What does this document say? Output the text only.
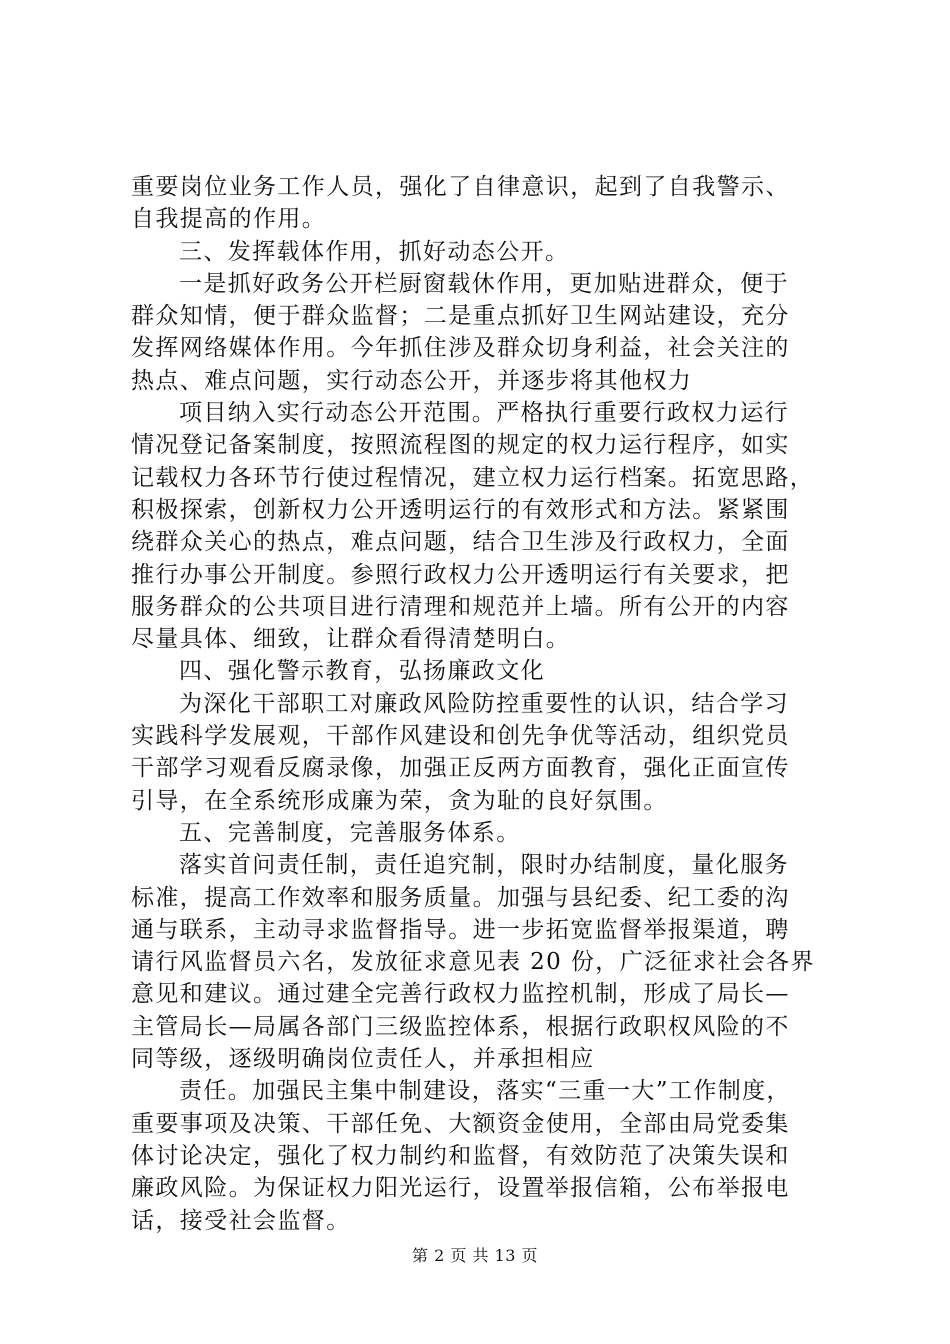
重要岗位业务工作人员，强化了自律意识，起到了自我警示、
自我提高的作用。
三、发挥载体作用，抓好动态公开。
一是抓好政务公开栏厨窗载休作用，更加贴进群众，便于
群众知情，便于群众监督；二是重点抓好卫生网站建设，充分
发挥网络媒体作用。今年抓住涉及群众切身利益，社会关注的
热点、难点问题，实行动态公开，并逐步将其他权力
项目纳入实行动态公开范围。严格执行重要行政权力运行
情况登记备案制度，按照流程图的规定的权力运行程序，如实
记载权力各环节行使过程情况，建立权力运行档案。拓宽思路，
积极探索，创新权力公开透明运行的有效形式和方法。紧紧围
绕群众关心的热点，难点问题，结合卫生涉及行政权力，全面
推行办事公开制度。参照行政权力公开透明运行有关要求，把
服务群众的公共项目进行清理和规范并上墙。所有公开的内容
尽量具体、细致，让群众看得清楚明白。
四、强化警示教育，弘扬廉政文化
为深化干部职工对廉政风险防控重要性的认识，结合学习
实践科学发展观，干部作风建设和创先争优等活动，组织党员
干部学习观看反腐录像，加强正反两方面教育，强化正面宣传
引导，在全系统形成廉为荣，贪为耻的良好氛围。
五、完善制度，完善服务体系。
落实首问责任制，责任追究制，限时办结制度，量化服务
标准，提高工作效率和服务质量。加强与县纪委、纪工委的沟
通与联系，主动寻求监督指导。进一步拓宽监督举报渠道，聘
请行风监督员六名，发放征求意见表 20 份，广泛征求社会各界
意见和建议。通过建全完善行政权力监控机制，形成了局长—
主管局长—局属各部门三级监控体系，根据行政职权风险的不
同等级，逐级明确岗位责任人，并承担相应
责任。加强民主集中制建设，落实“三重一大”工作制度，
重要事项及决策、干部任免、大额资金使用，全部由局党委集
体讨论决定，强化了权力制约和监督，有效防范了决策失误和
廉政风险。为保证权力阳光运行，设置举报信箱，公布举报电
话，接受社会监督。
第 2 页 共 13 页
